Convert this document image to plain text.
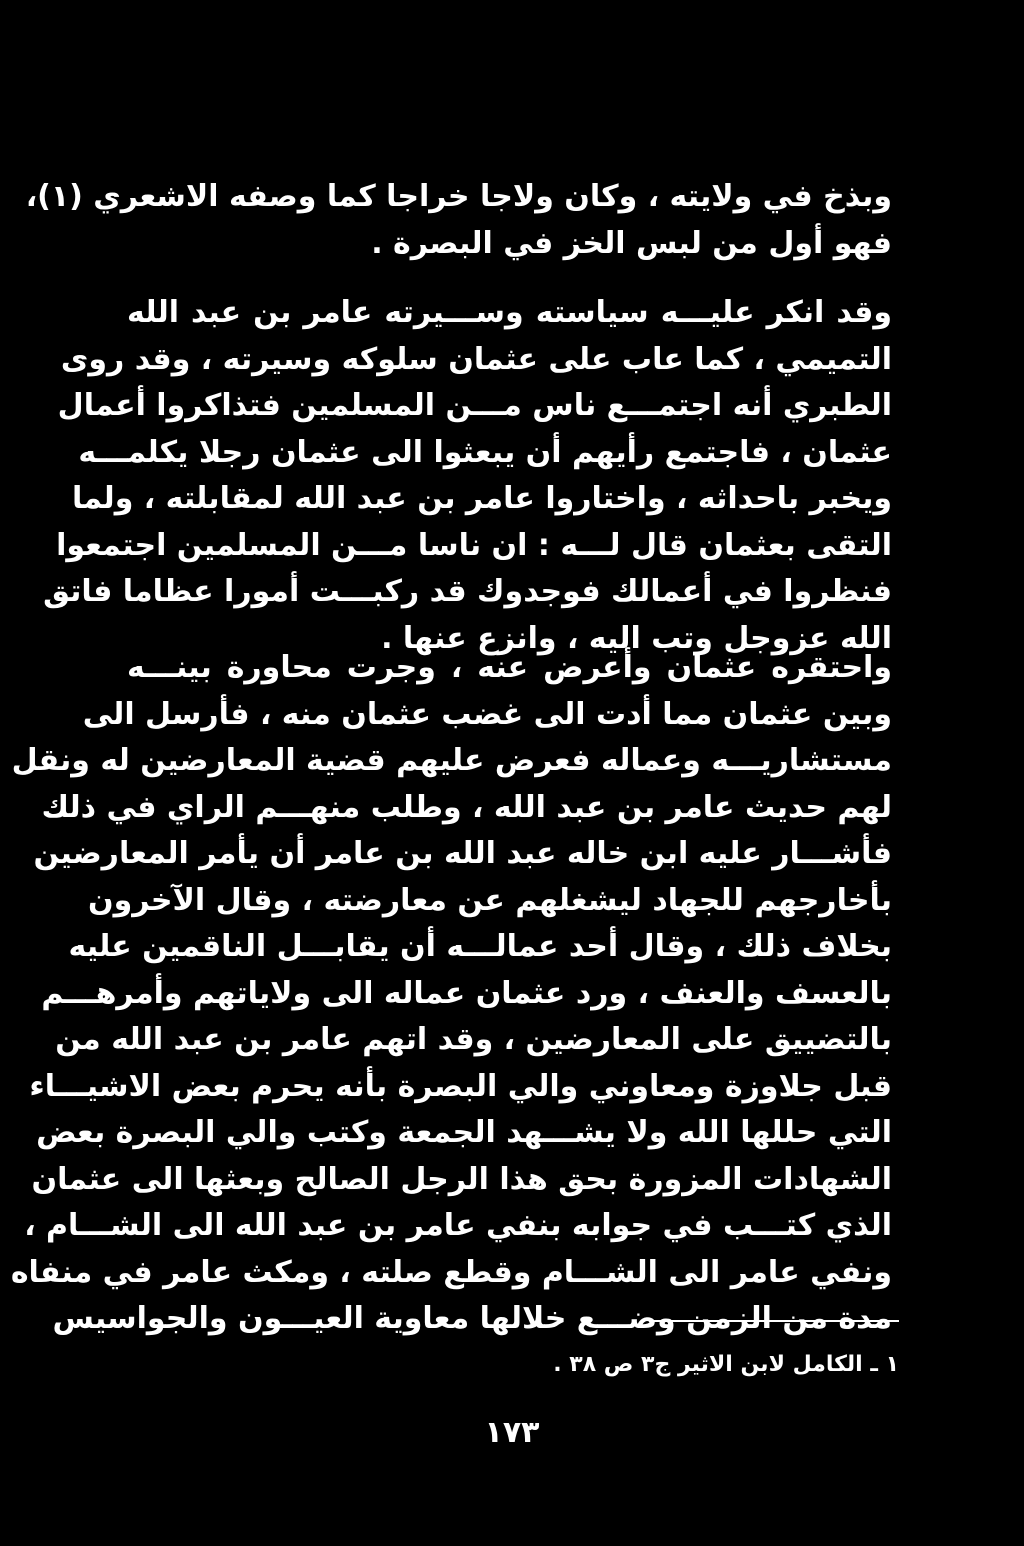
وبذخ في ولايته ، وكان ولاجا خراجا كما وصفه الاشعري (١)،
فهو أول من لبس الخز في البصرة .
وقد انكر عليـــه سياسته وســـيرته عامر بن عبد الله
التميمي ، كما عاب على عثمان سلوكه وسيرته ، وقد روى
الطبري أنه اجتمـــع ناس مـــن المسلمين فتذاكروا أعمال
عثمان ، فاجتمع رأيهم أن يبعثوا الى عثمان رجلا يكلمـــه
ويخبر باحداثه ، واختاروا عامر بن عبد الله لمقابلته ، ولما
التقى بعثمان قال لـــه : ان ناسا مـــن المسلمين اجتمعوا
فنظروا في أعمالك فوجدوك قد ركبـــت أمورا عظاما فاتق
الله عزوجل وتب اليه ، وانزع عنها .
واحتقره عثمان وأعرض عنه ، وجرت محاورة بينـــه
وبين عثمان مما أدت الى غضب عثمان منه ، فأرسل الى
مستشاريـــه وعماله فعرض عليهم قضية المعارضين له ونقل
لهم حديث عامر بن عبد الله ، وطلب منهـــم الراي في ذلك
فأشـــار عليه ابن خاله عبد الله بن عامر أن يأمر المعارضين
بأخارجهم للجهاد ليشغلهم عن معارضته ، وقال الآخرون
بخلاف ذلك ، وقال أحد عمالـــه أن يقابـــل الناقمين عليه
بالعسف والعنف ، ورد عثمان عماله الى ولاياتهم وأمرهـــم
بالتضييق على المعارضين ، وقد اتهم عامر بن عبد الله من
قبل جلاوزة ومعاوني والي البصرة بأنه يحرم بعض الاشيـــاء
التي حللها الله ولا يشـــهد الجمعة وكتب والي البصرة بعض
الشهادات المزورة بحق هذا الرجل الصالح وبعثها الى عثمان
الذي كتـــب في جوابه بنفي عامر بن عبد الله الى الشـــام ،
ونفي عامر الى الشـــام وقطع صلته ، ومكث عامر في منفاه
مدة من الزمن وضـــع خلالها معاوية العيـــون والجواسيس
١ ـ الكامل لابن الاثير ج٣ ص ٣٨ .
١٧٣
